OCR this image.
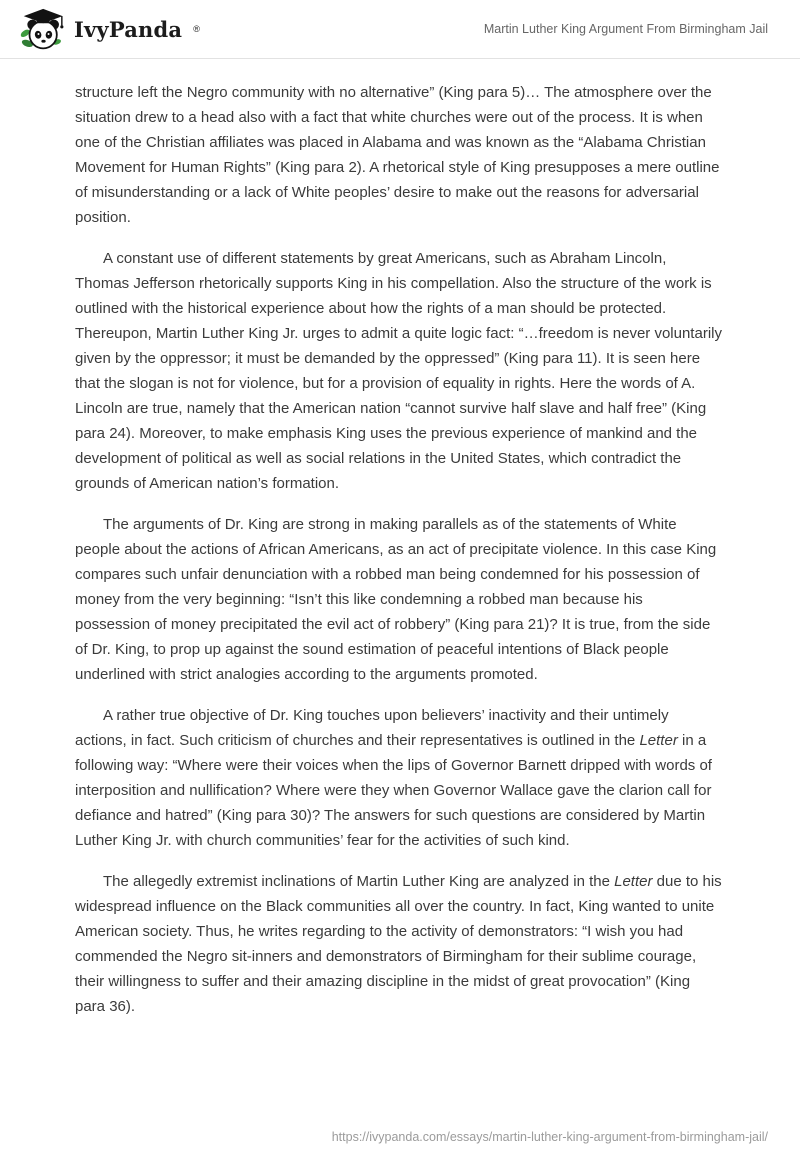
IvyPanda ®	Martin Luther King Argument From Birmingham Jail

structure left the Negro community with no alternative” (King para 5)… The atmosphere over the situation drew to a head also with a fact that white churches were out of the process. It is when one of the Christian affiliates was placed in Alabama and was known as the “Alabama Christian Movement for Human Rights” (King para 2). A rhetorical style of King presupposes a mere outline of misunderstanding or a lack of White peoples’ desire to make out the reasons for adversarial position.

A constant use of different statements by great Americans, such as Abraham Lincoln, Thomas Jefferson rhetorically supports King in his compellation. Also the structure of the work is outlined with the historical experience about how the rights of a man should be protected. Thereupon, Martin Luther King Jr. urges to admit a quite logic fact: “…freedom is never voluntarily given by the oppressor; it must be demanded by the oppressed” (King para 11). It is seen here that the slogan is not for violence, but for a provision of equality in rights. Here the words of A. Lincoln are true, namely that the American nation “cannot survive half slave and half free” (King para 24). Moreover, to make emphasis King uses the previous experience of mankind and the development of political as well as social relations in the United States, which contradict the grounds of American nation’s formation.

The arguments of Dr. King are strong in making parallels as of the statements of White people about the actions of African Americans, as an act of precipitate violence. In this case King compares such unfair denunciation with a robbed man being condemned for his possession of money from the very beginning: “Isn’t this like condemning a robbed man because his possession of money precipitated the evil act of robbery” (King para 21)? It is true, from the side of Dr. King, to prop up against the sound estimation of peaceful intentions of Black people underlined with strict analogies according to the arguments promoted.

A rather true objective of Dr. King touches upon believers’ inactivity and their untimely actions, in fact. Such criticism of churches and their representatives is outlined in the Letter in a following way: “Where were their voices when the lips of Governor Barnett dripped with words of interposition and nullification? Where were they when Governor Wallace gave the clarion call for defiance and hatred” (King para 30)? The answers for such questions are considered by Martin Luther King Jr. with church communities’ fear for the activities of such kind.

The allegedly extremist inclinations of Martin Luther King are analyzed in the Letter due to his widespread influence on the Black communities all over the country. In fact, King wanted to unite American society. Thus, he writes regarding to the activity of demonstrators: “I wish you had commended the Negro sit-inners and demonstrators of Birmingham for their sublime courage, their willingness to suffer and their amazing discipline in the midst of great provocation” (King para 36).

https://ivypanda.com/essays/martin-luther-king-argument-from-birmingham-jail/
